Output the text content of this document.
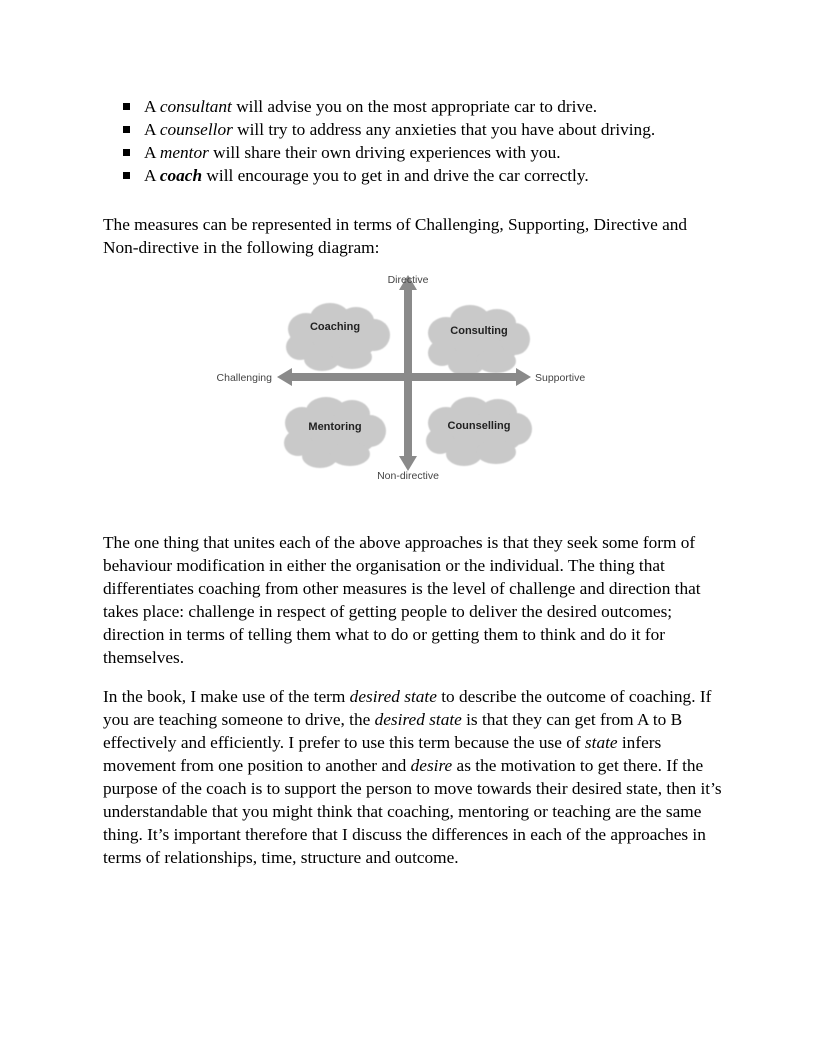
A consultant will advise you on the most appropriate car to drive.
A counsellor will try to address any anxieties that you have about driving.
A mentor will share their own driving experiences with you.
A coach will encourage you to get in and drive the car correctly.

The measures can be represented in terms of Challenging, Supporting, Directive and Non-directive in the following diagram:

Directive
Non-directive
Challenging	Supportive
Coaching	Consulting
Mentoring	Counselling

The one thing that unites each of the above approaches is that they seek some form of behaviour modification in either the organisation or the individual. The thing that differentiates coaching from other measures is the level of challenge and direction that takes place: challenge in respect of getting people to deliver the desired outcomes; direction in terms of telling them what to do or getting them to think and do it for themselves.

In the book, I make use of the term desired state to describe the outcome of coaching. If you are teaching someone to drive, the desired state is that they can get from A to B effectively and efficiently. I prefer to use this term because the use of state infers movement from one position to another and desire as the motivation to get there. If the purpose of the coach is to support the person to move towards their desired state, then it’s understandable that you might think that coaching, mentoring or teaching are the same thing. It’s important therefore that I discuss the differences in each of the approaches in terms of relationships, time, structure and outcome.
